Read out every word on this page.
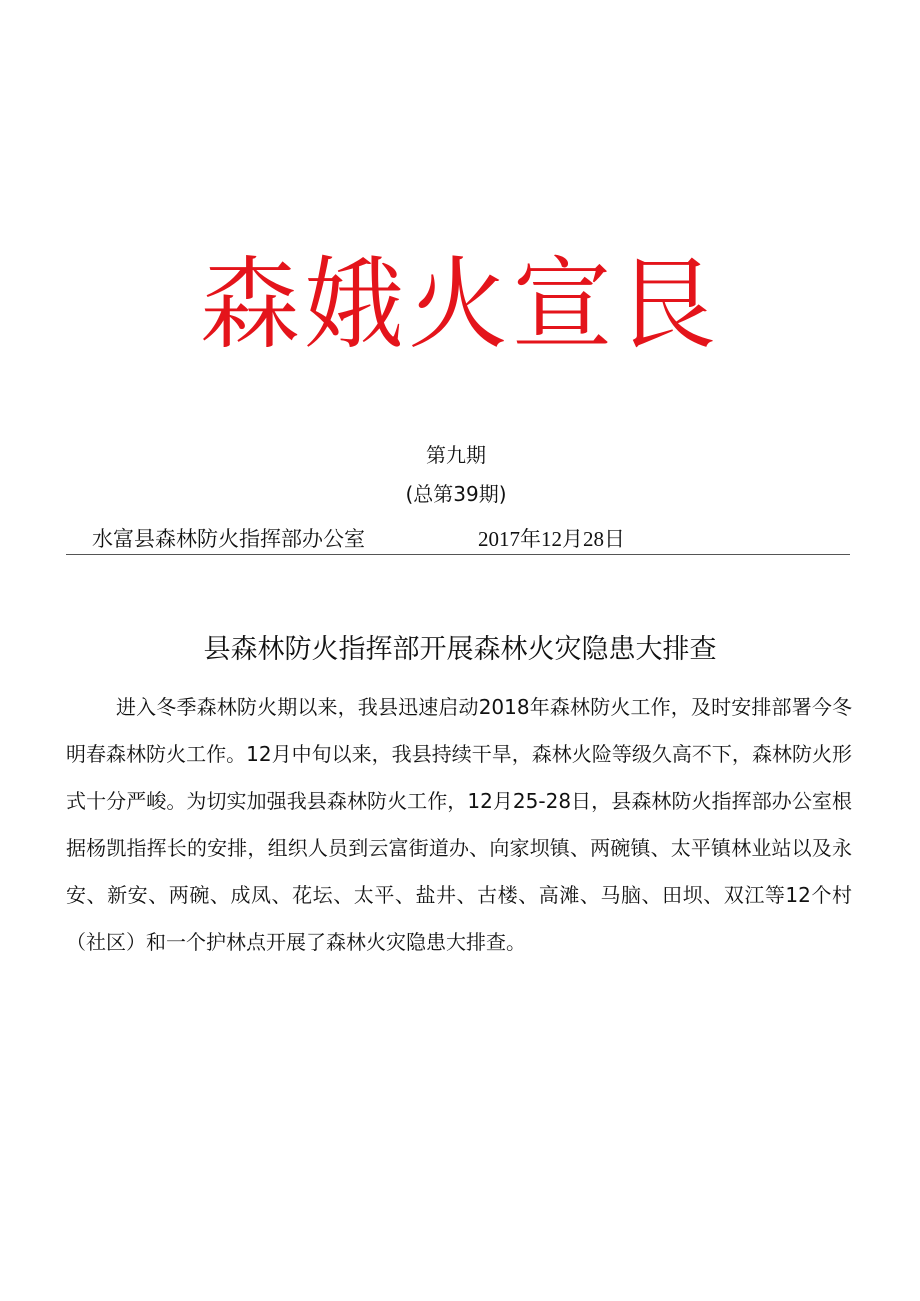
森娥火宣艮
第九期
(总第39期)
水富县森林防火指挥部办公室	2017年12月28日
县森林防火指挥部开展森林火灾隐患大排查

进入冬季森林防火期以来，我县迅速启动2018年森林防火工作，及时安排部署今冬明春森林防火工作。12月中旬以来，我县持续干旱，森林火险等级久高不下，森林防火形式十分严峻。为切实加强我县森林防火工作，12月25-28日，县森林防火指挥部办公室根据杨凯指挥长的安排，组织人员到云富街道办、向家坝镇、两碗镇、太平镇林业站以及永安、新安、两碗、成凤、花坛、太平、盐井、古楼、高滩、马脑、田坝、双江等12个村（社区）和一个护林点开展了森林火灾隐患大排查。
